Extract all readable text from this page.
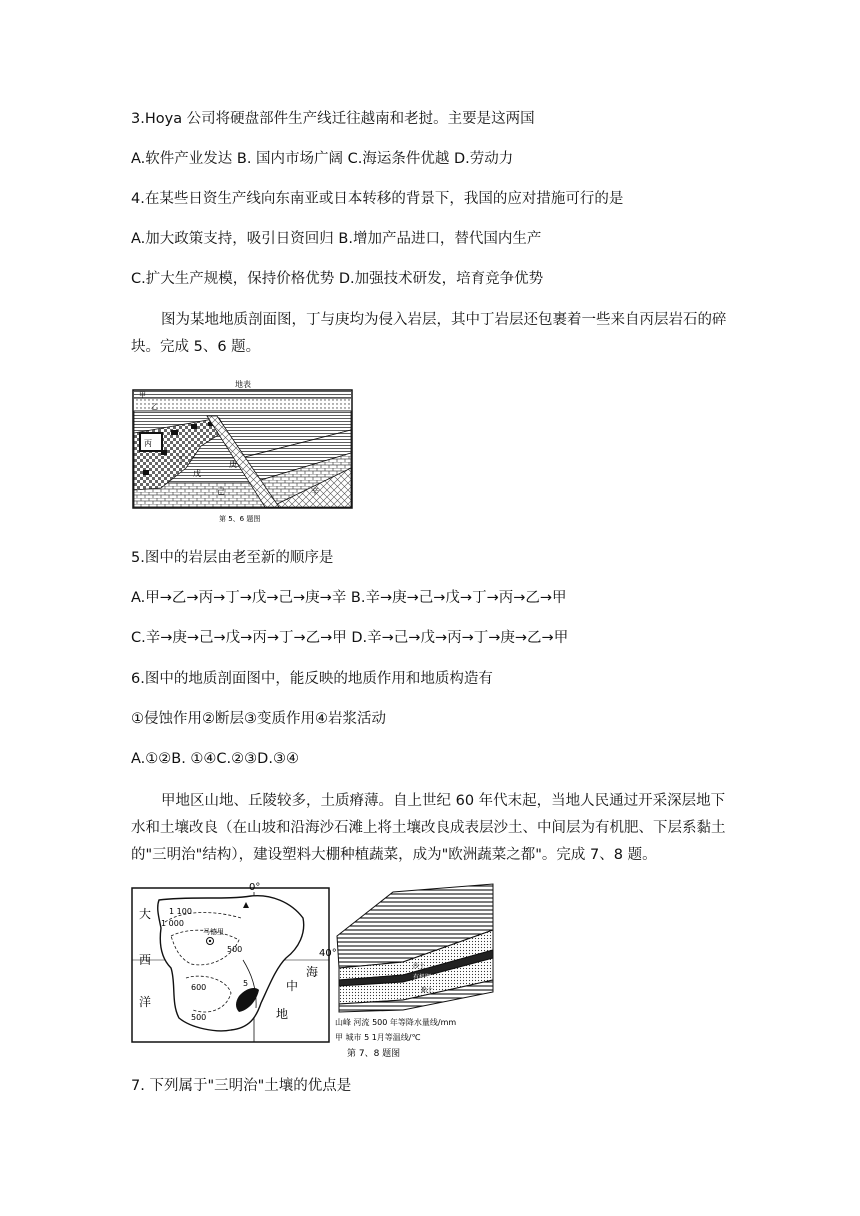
3.Hoya 公司将硬盘部件生产线迁往越南和老挝。主要是这两国
A.软件产业发达 B. 国内市场广阔 C.海运条件优越 D.劳动力
4.在某些日资生产线向东南亚或日本转移的背景下，我国的应对措施可行的是
A.加大政策支持，吸引日资回归 B.增加产品进口，替代国内生产
C.扩大生产规模，保持价格优势 D.加强技术研发，培育竞争优势
图为某地地质剖面图，丁与庚均为侵入岩层，其中丁岩层还包裹着一些来自丙层岩石的碎块。完成 5、6 题。
地表
甲
乙
丙
丁
戊
己
庚
辛
第 5、6 题图
5.图中的岩层由老至新的顺序是
A.甲→乙→丙→丁→戊→己→庚→辛 B.辛→庚→己→戊→丁→丙→乙→甲
C.辛→庚→己→戊→丙→丁→乙→甲 D.辛→己→戊→丙→丁→庚→乙→甲
6.图中的地质剖面图中，能反映的地质作用和地质构造有
①侵蚀作用②断层③变质作用④岩浆活动
A.①②B. ①④C.②③D.③④
甲地区山地、丘陵较多，土质瘠薄。自上世纪 60 年代末起，当地人民通过开采深层地下水和土壤改良（在山坡和沿海沙石滩上将土壤改良成表层沙土、中间层为有机肥、下层系黏土的"三明治"结构），建设塑料大棚种植蔬菜，成为"欧洲蔬菜之都"。完成 7、8 题。
0°
40°
马德里
大
西
洋
地
中
海
1 100
1 000
500
600
500
5
沙土
有机肥
黏土
山峰 河流 500 年等降水量线/mm
甲 城市 5 1月等温线/℃
第 7、8 题图
7. 下列属于"三明治"土壤的优点是
